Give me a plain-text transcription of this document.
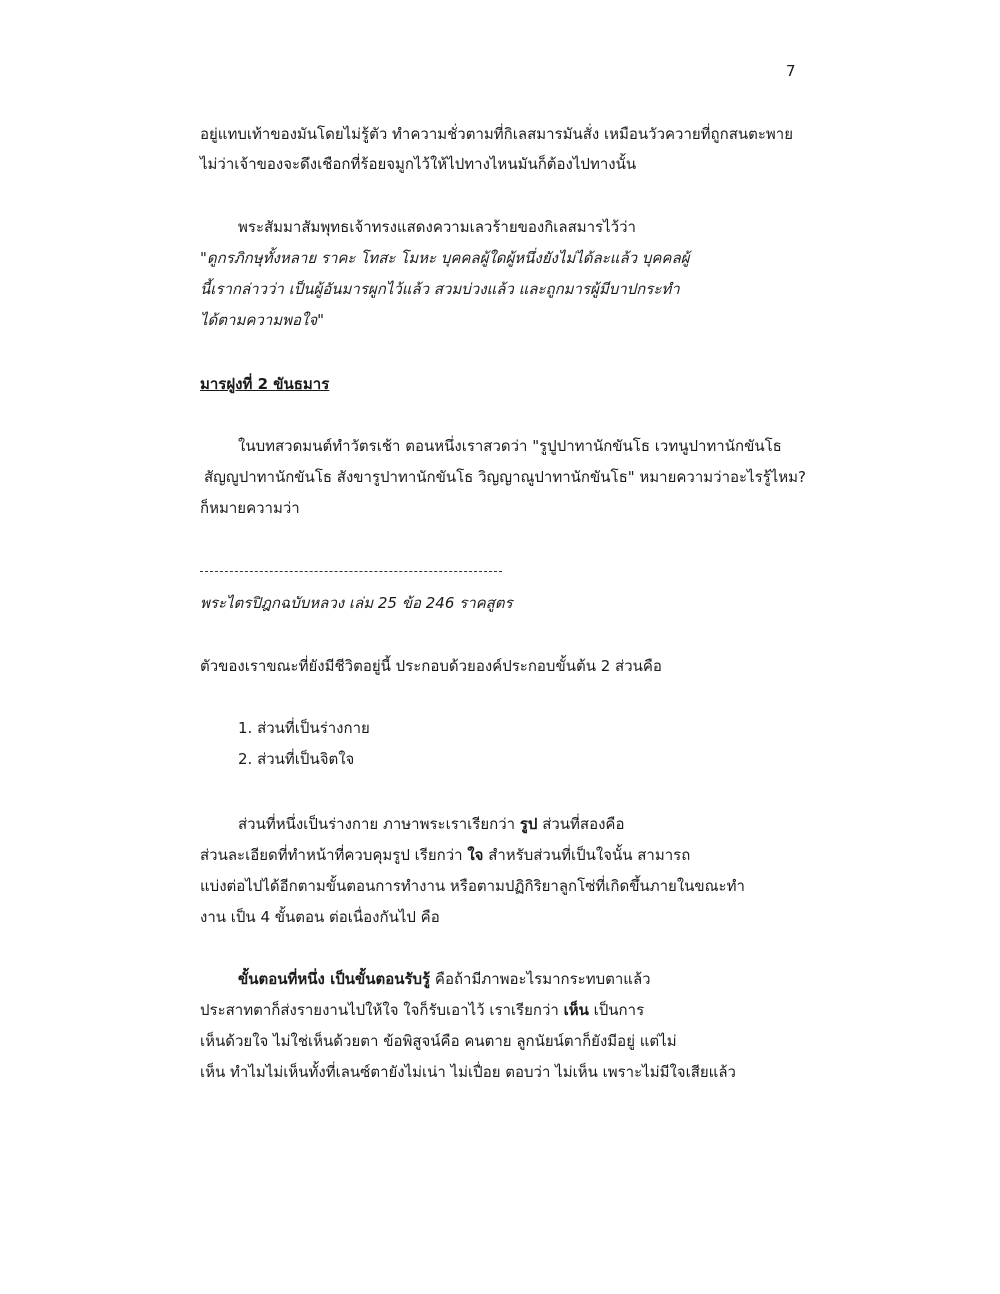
7
อยู่แทบเท้าของมันโดยไม่รู้ตัว ทำความชั่วตามที่กิเลสมารมันสั่ง เหมือนวัวควายที่ถูกสนตะพาย
ไม่ว่าเจ้าของจะดึงเชือกที่ร้อยจมูกไว้ให้ไปทางไหนมันก็ต้องไปทางนั้น
พระสัมมาสัมพุทธเจ้าทรงแสดงความเลวร้ายของกิเลสมารไว้ว่า
"ดูกรภิกษุทั้งหลาย ราคะ โทสะ โมหะ บุคคลผู้ใดผู้หนึ่งยังไม่ได้ละแล้ว บุคคลผู้
นี้เรากล่าวว่า เป็นผู้อันมารผูกไว้แล้ว สวมบ่วงแล้ว และถูกมารผู้มีบาปกระทำ
ได้ตามความพอใจ"
มารฝูงที่ 2 ขันธมาร
ในบทสวดมนต์ทำวัตรเช้า ตอนหนึ่งเราสวดว่า "รูปูปาทานักขันโธ เวทนูปาทานักขันโธ
สัญญูปาทานักขันโธ สังขารูปาทานักขันโธ วิญญาณูปาทานักขันโธ" หมายความว่าอะไรรู้ไหม?
ก็หมายความว่า
พระไตรปิฎกฉบับหลวง เล่ม 25 ข้อ 246 ราคสูตร
ตัวของเราขณะที่ยังมีชีวิตอยู่นี้ ประกอบด้วยองค์ประกอบขั้นต้น 2 ส่วนคือ
1. ส่วนที่เป็นร่างกาย
2. ส่วนที่เป็นจิตใจ
ส่วนที่หนึ่งเป็นร่างกาย ภาษาพระเราเรียกว่า รูป ส่วนที่สองคือ
ส่วนละเอียดที่ทำหน้าที่ควบคุมรูป เรียกว่า ใจ สำหรับส่วนที่เป็นใจนั้น สามารถ
แบ่งต่อไปได้อีกตามขั้นตอนการทำงาน หรือตามปฏิกิริยาลูกโซ่ที่เกิดขึ้นภายในขณะทำ
งาน เป็น 4 ขั้นตอน ต่อเนื่องกันไป คือ
ขั้นตอนที่หนึ่ง เป็นขั้นตอนรับรู้ คือถ้ามีภาพอะไรมากระทบตาแล้ว
ประสาทตาก็ส่งรายงานไปให้ใจ ใจก็รับเอาไว้ เราเรียกว่า เห็น เป็นการ
เห็นด้วยใจ ไม่ใช่เห็นด้วยตา ข้อพิสูจน์คือ คนตาย ลูกนัยน์ตาก็ยังมีอยู่ แต่ไม่
เห็น ทำไมไม่เห็นทั้งที่เลนซ์ตายังไม่เน่า ไม่เปื่อย ตอบว่า ไม่เห็น เพราะไม่มีใจเสียแล้ว
